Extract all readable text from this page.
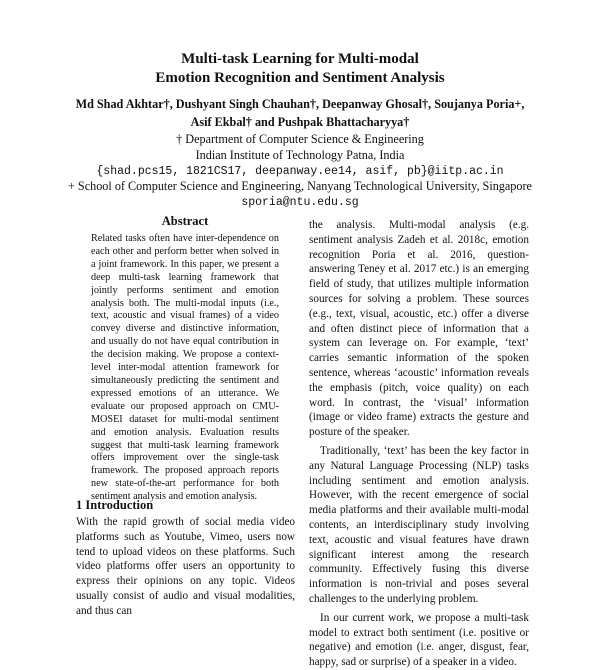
Multi-task Learning for Multi-modal
Emotion Recognition and Sentiment Analysis
Md Shad Akhtar†, Dushyant Singh Chauhan†, Deepanway Ghosal†, Soujanya Poria+,
Asif Ekbal† and Pushpak Bhattacharyya†
† Department of Computer Science & Engineering
Indian Institute of Technology Patna, India
{shad.pcs15, 1821CS17, deepanway.ee14, asif, pb}@iitp.ac.in
+ School of Computer Science and Engineering, Nanyang Technological University, Singapore
sporia@ntu.edu.sg
Abstract

Related tasks often have inter-dependence on each other and perform better when solved in a joint framework. In this paper, we present a deep multi-task learning framework that jointly performs sentiment and emotion analysis both. The multi-modal inputs (i.e., text, acoustic and visual frames) of a video convey diverse and distinctive information, and usually do not have equal contribution in the decision making. We propose a context-level inter-modal attention framework for simultaneously predicting the sentiment and expressed emotions of an utterance. We evaluate our proposed approach on CMU-MOSEI dataset for multi-modal sentiment and emotion analysis. Evaluation results suggest that multi-task learning framework offers improvement over the single-task framework. The proposed approach reports new state-of-the-art performance for both sentiment analysis and emotion analysis.

1 Introduction

With the rapid growth of social media video platforms such as Youtube, Vimeo, users now tend to upload videos on these platforms. Such video platforms offer users an opportunity to express their opinions on any topic. Videos usually consist of audio and visual modalities, and thus can

the analysis. Multi-modal analysis (e.g. sentiment analysis Zadeh et al. 2018c, emotion recognition Poria et al. 2016, question-answering Teney et al. 2017 etc.) is an emerging field of study, that utilizes multiple information sources for solving a problem. These sources (e.g., text, visual, acoustic, etc.) offer a diverse and often distinct piece of information that a system can leverage on. For example, ‘text’ carries semantic information of the spoken sentence, whereas ‘acoustic’ information reveals the emphasis (pitch, voice quality) on each word. In contrast, the ‘visual’ information (image or video frame) extracts the gesture and posture of the speaker.

Traditionally, ‘text’ has been the key factor in any Natural Language Processing (NLP) tasks including sentiment and emotion analysis. However, with the recent emergence of social media platforms and their available multi-modal contents, an interdisciplinary study involving text, acoustic and visual features have drawn significant interest among the research community. Effectively fusing this diverse information is non-trivial and poses several challenges to the underlying problem.

In our current work, we propose a multi-task model to extract both sentiment (i.e. positive or negative) and emotion (i.e. anger, disgust, fear, happy, sad or surprise) of a speaker in a video.
